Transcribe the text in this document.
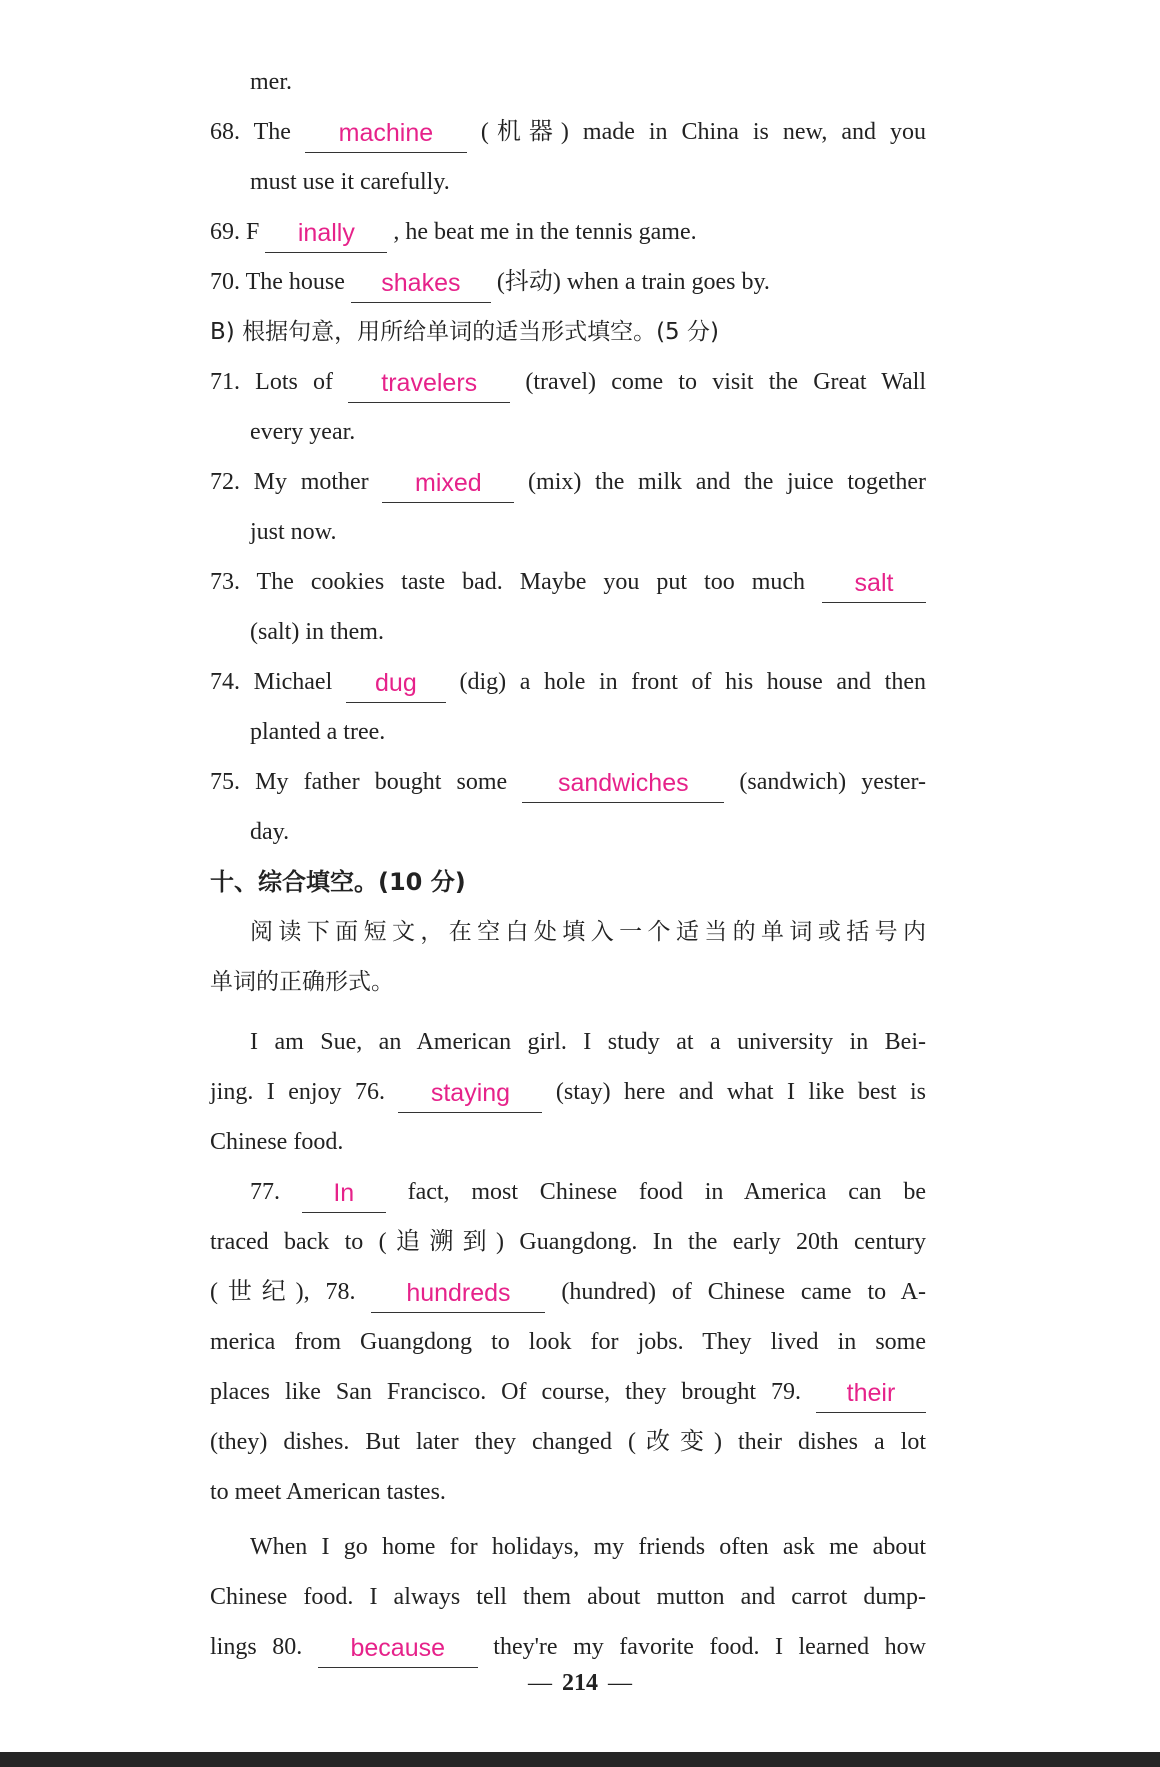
mer.
68. The machine (机器) made in China is new, and you
must use it carefully.
69. F inally , he beat me in the tennis game.
70. The house shakes (抖动) when a train goes by.
B) 根据句意，用所给单词的适当形式填空。(5 分)
71. Lots of travelers (travel) come to visit the Great Wall
every year.
72. My mother mixed (mix) the milk and the juice together
just now.
73. The cookies taste bad. Maybe you put too much salt
(salt) in them.
74. Michael dug (dig) a hole in front of his house and then
planted a tree.
75. My father bought some sandwiches (sandwich) yester-
day.
十、综合填空。(10 分)
阅读下面短文，在空白处填入一个适当的单词或括号内
单词的正确形式。
I am Sue, an American girl. I study at a university in Bei-
jing. I enjoy 76. staying (stay) here and what I like best is
Chinese food.
77. In fact, most Chinese food in America can be
traced back to (追溯到) Guangdong. In the early 20th century
(世纪), 78. hundreds (hundred) of Chinese came to A-
merica from Guangdong to look for jobs. They lived in some
places like San Francisco. Of course, they brought 79. their
(they) dishes. But later they changed (改变) their dishes a lot
to meet American tastes.
When I go home for holidays, my friends often ask me about
Chinese food. I always tell them about mutton and carrot dump-
lings 80. because they're my favorite food. I learned how
— 214 —
